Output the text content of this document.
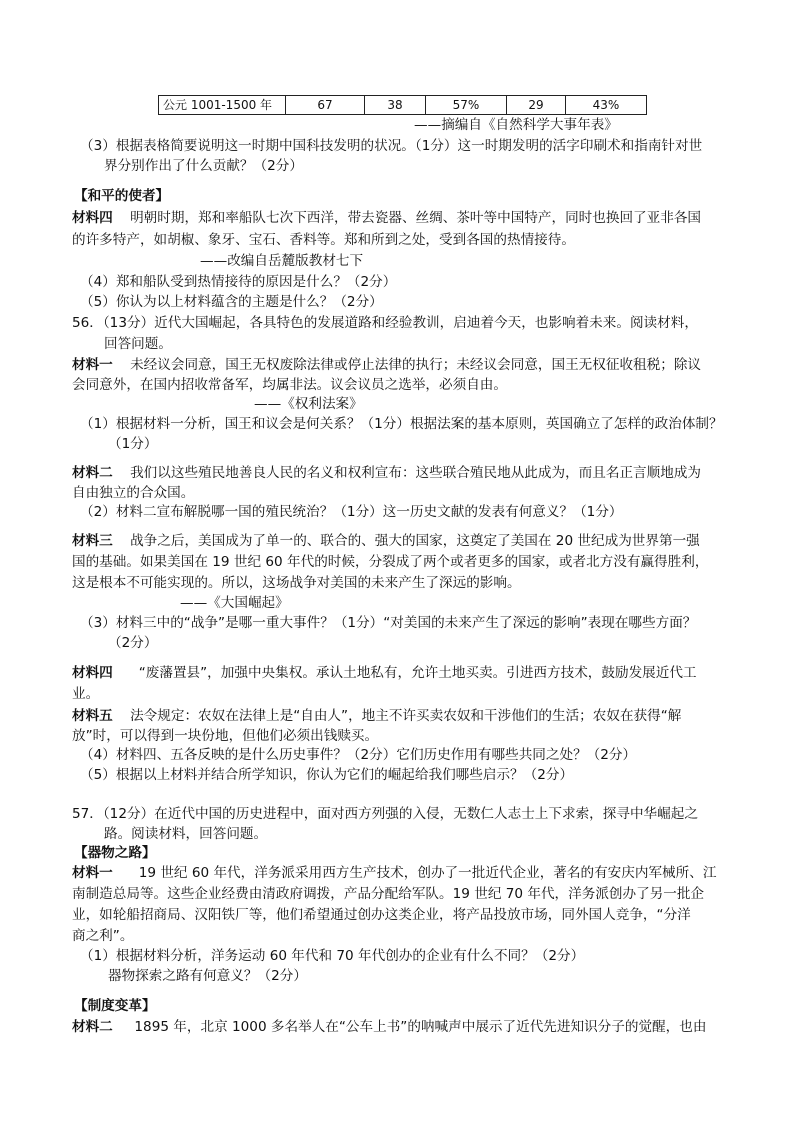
公元 1001-1500 年	67	38	57%	29	43%
——摘编自《自然科学大事年表》
（3）根据表格简要说明这一时期中国科技发明的状况。（1分）这一时期发明的活字印刷术和指南针对世
界分别作出了什么贡献？（2分）
【和平的使者】
材料四 明朝时期，郑和率船队七次下西洋，带去瓷器、丝绸、茶叶等中国特产，同时也换回了亚非各国
的许多特产，如胡椒、象牙、宝石、香料等。郑和所到之处，受到各国的热情接待。
——改编自岳麓版教材七下
（4）郑和船队受到热情接待的原因是什么？（2分）
（5）你认为以上材料蕴含的主题是什么？（2分）
56．（13分）近代大国崛起，各具特色的发展道路和经验教训，启迪着今天，也影响着未来。阅读材料，
回答问题。
材料一 未经议会同意，国王无权废除法律或停止法律的执行；未经议会同意，国王无权征收租税；除议
会同意外，在国内招收常备军，均属非法。议会议员之选举，必须自由。
——《权利法案》
（1）根据材料一分析，国王和议会是何关系？（1分）根据法案的基本原则，英国确立了怎样的政治体制？
（1分）
材料二 我们以这些殖民地善良人民的名义和权利宣布：这些联合殖民地从此成为，而且名正言顺地成为
自由独立的合众国。
（2）材料二宣布解脱哪一国的殖民统治？（1分）这一历史文献的发表有何意义？（1分）
材料三 战争之后，美国成为了单一的、联合的、强大的国家，这奠定了美国在 20 世纪成为世界第一强
国的基础。如果美国在 19 世纪 60 年代的时候，分裂成了两个或者更多的国家，或者北方没有赢得胜利，
这是根本不可能实现的。所以，这场战争对美国的未来产生了深远的影响。
——《大国崛起》
（3）材料三中的“战争”是哪一重大事件？（1分）“对美国的未来产生了深远的影响”表现在哪些方面？
（2分）
材料四 “废藩置县”，加强中央集权。承认土地私有，允许土地买卖。引进西方技术，鼓励发展近代工
业。
材料五 法令规定：农奴在法律上是“自由人”，地主不许买卖农奴和干涉他们的生活；农奴在获得“解
放”时，可以得到一块份地，但他们必须出钱赎买。
（4）材料四、五各反映的是什么历史事件？（2分）它们历史作用有哪些共同之处？（2分）
（5）根据以上材料并结合所学知识，你认为它们的崛起给我们哪些启示？（2分）
57．（12分）在近代中国的历史进程中，面对西方列强的入侵，无数仁人志士上下求索，探寻中华崛起之
路。阅读材料，回答问题。
【器物之路】
材料一 19 世纪 60 年代，洋务派采用西方生产技术，创办了一批近代企业，著名的有安庆内军械所、江
南制造总局等。这些企业经费由清政府调拨，产品分配给军队。19 世纪 70 年代，洋务派创办了另一批企
业，如轮船招商局、汉阳铁厂等，他们希望通过创办这类企业，将产品投放市场，同外国人竞争，“分洋
商之利”。
（1）根据材料分析，洋务运动 60 年代和 70 年代创办的企业有什么不同？（2分）
器物探索之路有何意义？（2分）
【制度变革】
材料二 1895 年，北京 1000 多名举人在“公车上书”的呐喊声中展示了近代先进知识分子的觉醒，也由
